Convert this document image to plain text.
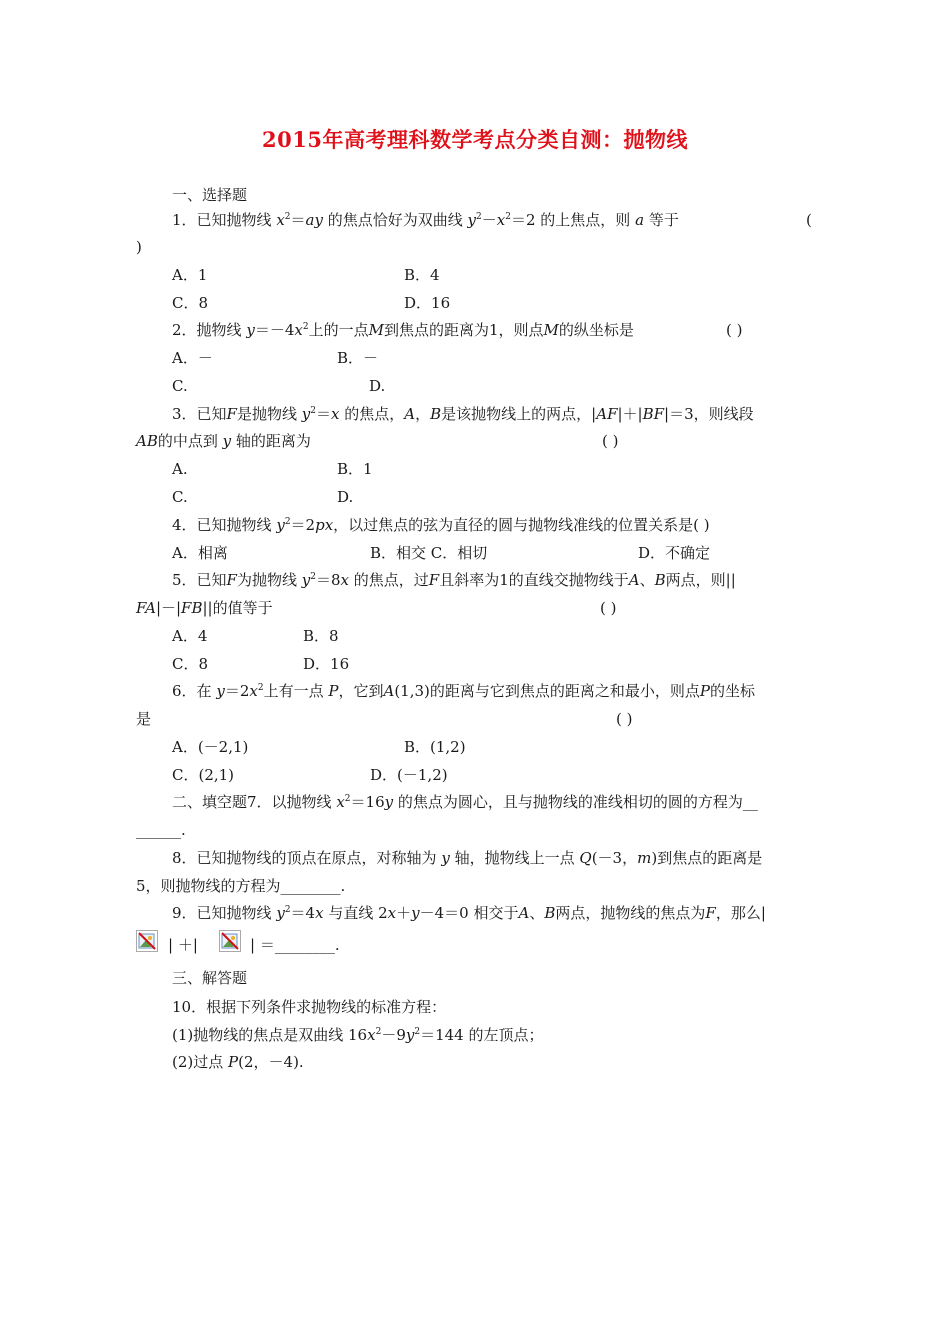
2015年高考理科数学考点分类自测：抛物线
一、选择题
1．已知抛物线 $x^2=ay$ 的焦点恰好为双曲线 $y^2-x^2=2$ 的上焦点，则 a 等于	(
)
A．1	B．4
C．8	D．16
2．抛物线 $y=-4x^2$上的一点M到焦点的距离为1，则点M的纵坐标是	( )
A．－	B．－
C.	D.
3．已知F是抛物线 $y^2=x$ 的焦点，A，B是该抛物线上的两点，|AF|＋|BF|＝3，则线段
AB的中点到 y 轴的距离为	( )
A.	B．1
C.	D.
4．已知抛物线 $y^2=2px$，以过焦点的弦为直径的圆与抛物线准线的位置关系是( )
A．相离	B．相交 C．相切	D．不确定
5．已知F为抛物线 $y^2=8x$ 的焦点，过F且斜率为1的直线交抛物线于A、B两点，则||
FA|－|FB||的值等于	( )
A．4	B．8
C．8	D．16
6．在 $y=2x^2$上有一点 P，它到A(1,3)的距离与它到焦点的距离之和最小，则点P的坐标
是	( )
A．(－2,1)	B．(1,2)
C．(2,1)	D．(－1,2)
二、填空题7．以抛物线 $x^2=16y$ 的焦点为圆心，且与抛物线的准线相切的圆的方程为__
______.
8．已知抛物线的顶点在原点，对称轴为 y 轴，抛物线上一点 Q(－3，m)到焦点的距离是
5，则抛物线的方程为________.
9．已知抛物线 $y^2=4x$ 与直线 2x＋y－4＝0 相交于A、B两点，抛物线的焦点为F，那么|
| ＋|	| ＝________.
三、解答题
10．根据下列条件求抛物线的标准方程：
(1)抛物线的焦点是双曲线 $16x^2-9y^2=144$ 的左顶点；
(2)过点 P(2，－4).
